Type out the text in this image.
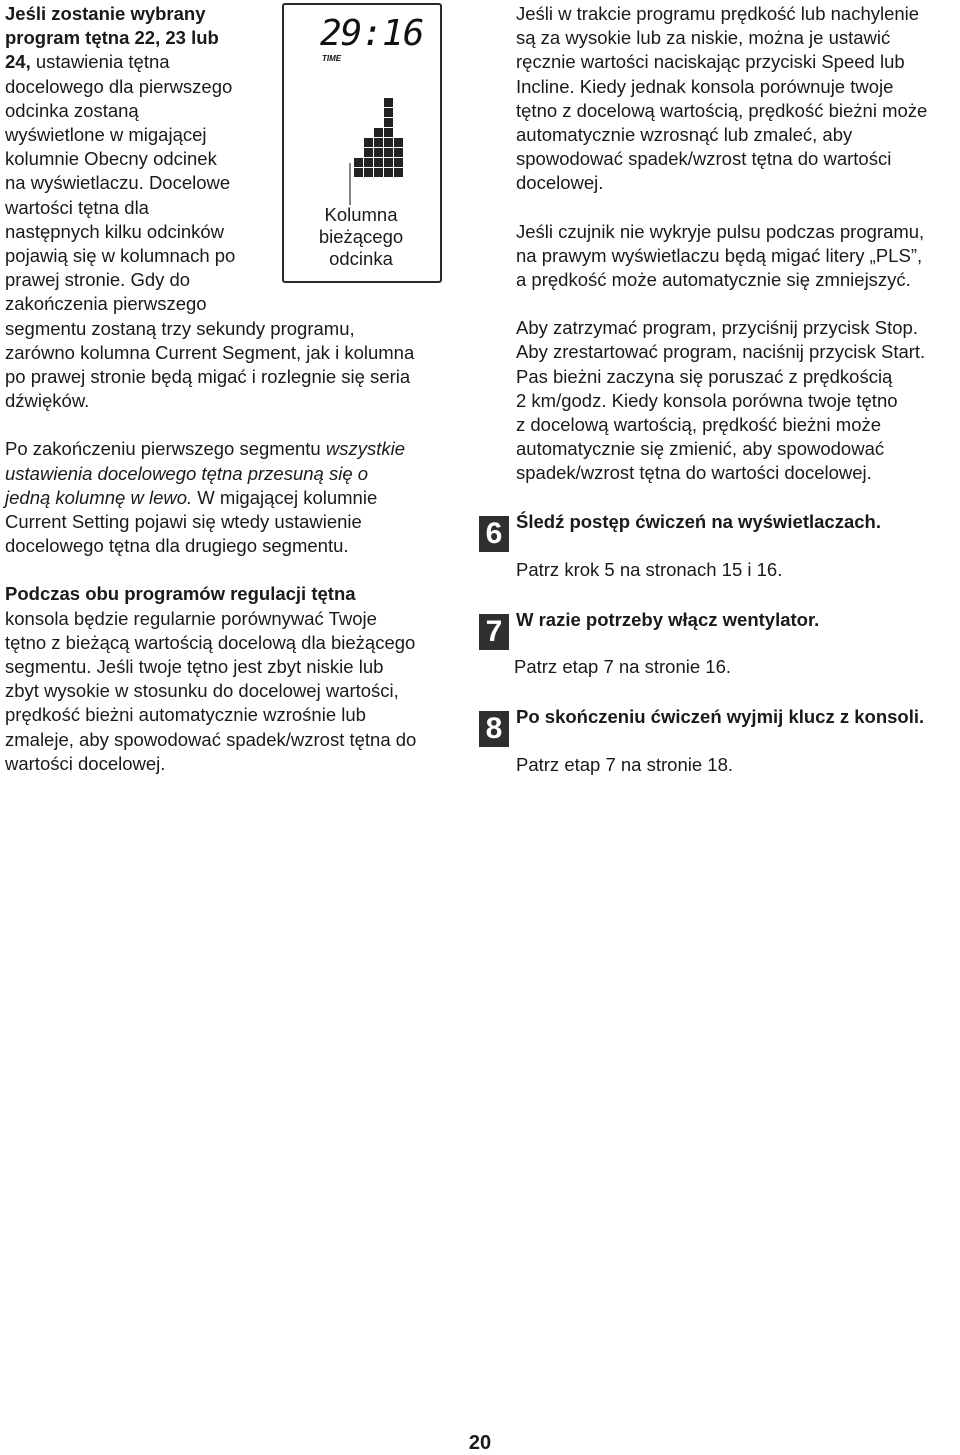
Jeśli zostanie wybrany
program tętna 22, 23 lub
24, ustawienia tętna
docelowego dla pierwszego
odcinka zostaną
wyświetlone w migającej
kolumnie Obecny odcinek
na wyświetlaczu. Docelowe
wartości tętna dla
następnych kilku odcinków
pojawią się w kolumnach po
prawej stronie. Gdy do
zakończenia pierwszego
segmentu zostaną trzy sekundy programu,
zarówno kolumna Current Segment, jak i kolumna
po prawej stronie będą migać i rozlegnie się seria
dźwięków.
Po zakończeniu pierwszego segmentu wszystkie
ustawienia docelowego tętna przesuną się o
jedną kolumnę w lewo. W migającej kolumnie
Current Setting pojawi się wtedy ustawienie
docelowego tętna dla drugiego segmentu.
Podczas obu programów regulacji tętna
konsola będzie regularnie porównywać Twoje
tętno z bieżącą wartością docelową dla bieżącego
segmentu. Jeśli twoje tętno jest zbyt niskie lub
zbyt wysokie w stosunku do docelowej wartości,
prędkość bieżni automatycznie wzrośnie lub
zmaleje, aby spowodować spadek/wzrost tętna do
wartości docelowej.
29:16
TIME
Kolumna
bieżącego
odcinka
Jeśli w trakcie programu prędkość lub nachylenie
są za wysokie lub za niskie, można je ustawić
ręcznie wartości naciskając przyciski Speed lub
Incline. Kiedy jednak konsola porównuje twoje
tętno z docelową wartością, prędkość bieżni może
automatycznie wzrosnąć lub zmaleć, aby
spowodować spadek/wzrost tętna do wartości
docelowej.
Jeśli czujnik nie wykryje pulsu podczas programu,
na prawym wyświetlaczu będą migać litery „PLS”,
a prędkość może automatycznie się zmniejszyć.
Aby zatrzymać program, przyciśnij przycisk Stop.
Aby zrestartować program, naciśnij przycisk Start.
Pas bieżni zaczyna się poruszać z prędkością
2 km/godz. Kiedy konsola porówna twoje tętno
z docelową wartością, prędkość bieżni może
automatycznie się zmienić, aby spowodować
spadek/wzrost tętna do wartości docelowej.
6 Śledź postęp ćwiczeń na wyświetlaczach.
Patrz krok 5 na stronach 15 i 16.
7 W razie potrzeby włącz wentylator.
Patrz etap 7 na stronie 16.
8 Po skończeniu ćwiczeń wyjmij klucz z konsoli.
Patrz etap 7 na stronie 18.
20
